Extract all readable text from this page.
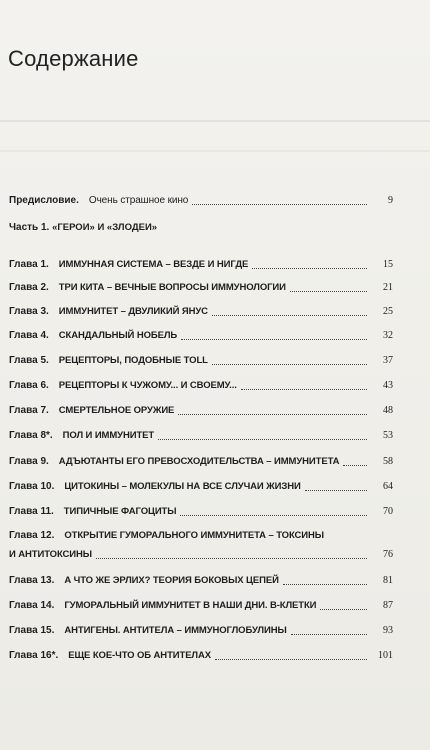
Содержание
Предисловие. Очень страшное кино	9
Часть 1. «ГЕРОИ» И «ЗЛОДЕИ»
Глава 1. ИММУННАЯ СИСТЕМА – ВЕЗДЕ И НИГДЕ	15
Глава 2. ТРИ КИТА – ВЕЧНЫЕ ВОПРОСЫ ИММУНОЛОГИИ	21
Глава 3. ИММУНИТЕТ – ДВУЛИКИЙ ЯНУС	25
Глава 4. СКАНДАЛЬНЫЙ НОБЕЛЬ	32
Глава 5. РЕЦЕПТОРЫ, ПОДОБНЫЕ TOLL	37
Глава 6. РЕЦЕПТОРЫ К ЧУЖОМУ... И СВОЕМУ...	43
Глава 7. СМЕРТЕЛЬНОЕ ОРУЖИЕ	48
Глава 8*. ПОЛ И ИММУНИТЕТ	53
Глава 9. АДЪЮТАНТЫ ЕГО ПРЕВОСХОДИТЕЛЬСТВА – ИММУНИТЕТА	58
Глава 10. ЦИТОКИНЫ – МОЛЕКУЛЫ НА ВСЕ СЛУЧАИ ЖИЗНИ	64
Глава 11. ТИПИЧНЫЕ ФАГОЦИТЫ	70
Глава 12. ОТКРЫТИЕ ГУМОРАЛЬНОГО ИММУНИТЕТА – ТОКСИНЫ
И АНТИТОКСИНЫ	76
Глава 13. А ЧТО ЖЕ ЭРЛИХ? ТЕОРИЯ БОКОВЫХ ЦЕПЕЙ	81
Глава 14. ГУМОРАЛЬНЫЙ ИММУНИТЕТ В НАШИ ДНИ. В-КЛЕТКИ	87
Глава 15. АНТИГЕНЫ. АНТИТЕЛА – ИММУНОГЛОБУЛИНЫ	93
Глава 16*. ЕЩЕ КОЕ-ЧТО ОБ АНТИТЕЛАХ	101
